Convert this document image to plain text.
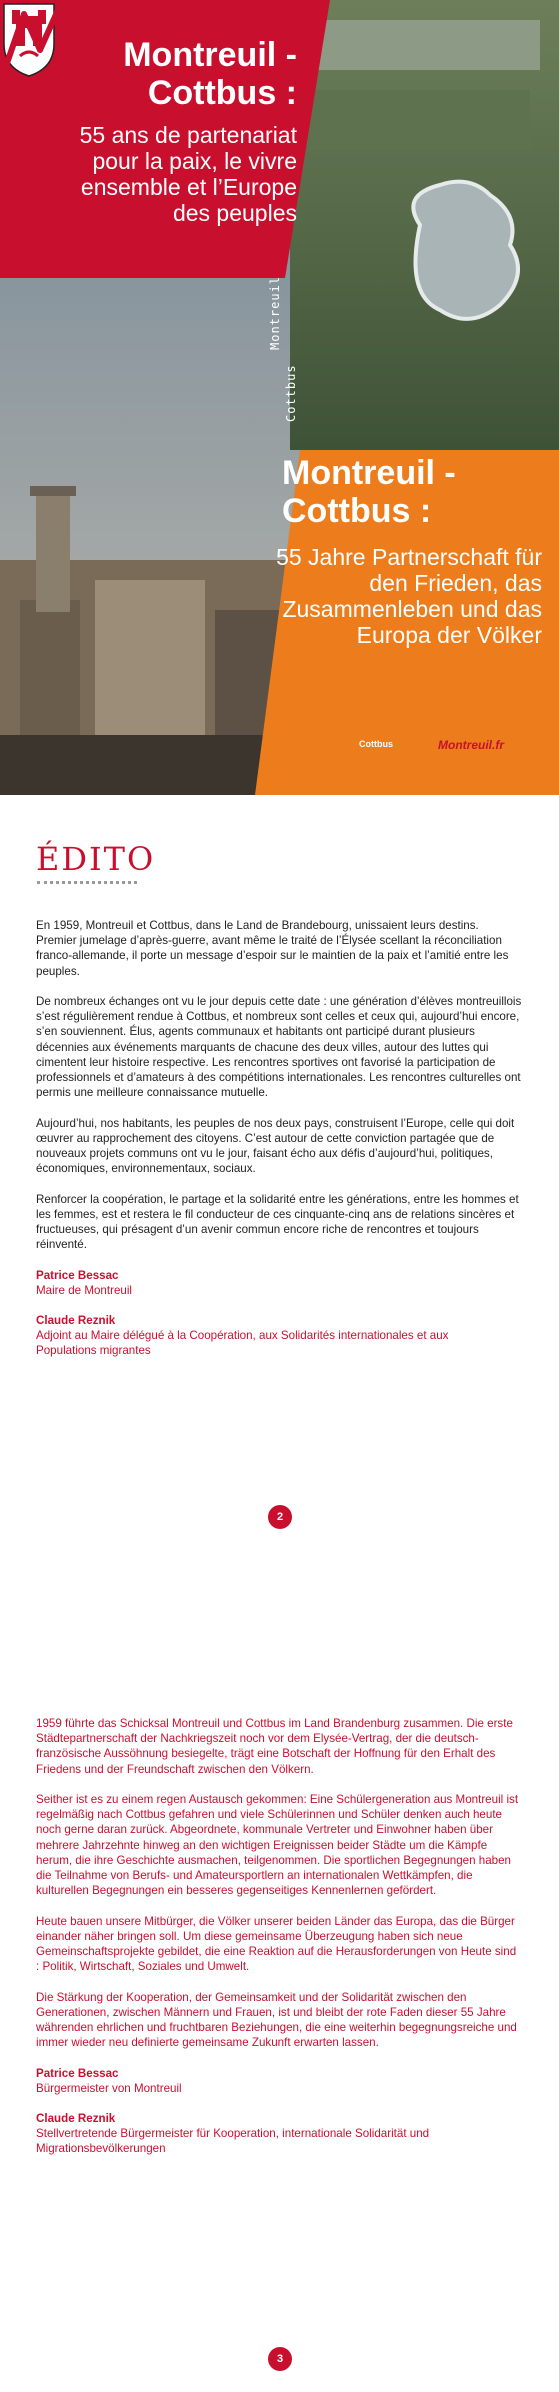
Montreuil - Cottbus :
55 ans de partenariat pour la paix, le vivre ensemble et l’Europe des peuples
Montreuil
Cottbus
Montreuil - Cottbus :
55 Jahre Partnerschaft für den Frieden, das Zusammenleben und das Europa der Völker
Cottbus	Montreuil.fr
ÉDITO

En 1959, Montreuil et Cottbus, dans le Land de Brandebourg, unissaient leurs destins. Premier jumelage d’après-guerre, avant même le traité de l’Élysée scellant la réconciliation franco-allemande, il porte un message d’espoir sur le maintien de la paix et l’amitié entre les peuples.

De nombreux échanges ont vu le jour depuis cette date : une génération d’élèves montreuillois s’est régulièrement rendue à Cottbus, et nombreux sont celles et ceux qui, aujourd’hui encore, s’en souviennent. Élus, agents communaux et habitants ont participé durant plusieurs décennies aux événements marquants de chacune des deux villes, autour des luttes qui cimentent leur histoire respective. Les rencontres sportives ont favorisé la participation de professionnels et d’amateurs à des compétitions internationales. Les rencontres culturelles ont permis une meilleure connaissance mutuelle.

Aujourd’hui, nos habitants, les peuples de nos deux pays, construisent l’Europe, celle qui doit œuvrer au rapprochement des citoyens. C’est autour de cette conviction partagée que de nouveaux projets communs ont vu le jour, faisant écho aux défis d’aujourd’hui, politiques, économiques, environnementaux, sociaux.

Renforcer la coopération, le partage et la solidarité entre les générations, entre les hommes et les femmes, est et restera le fil conducteur de ces cinquante-cinq ans de relations sincères et fructueuses, qui présagent d’un avenir commun encore riche de rencontres et toujours réinventé.

Patrice Bessac
Maire de Montreuil
Claude Reznik
Adjoint au Maire délégué à la Coopération, aux Solidarités internationales et aux Populations migrantes
2

1959 führte das Schicksal Montreuil und Cottbus im Land Brandenburg zusammen. Die erste Städtepartnerschaft der Nachkriegszeit noch vor dem Elysée-Vertrag, der die deutsch-französische Aussöhnung besiegelte, trägt eine Botschaft der Hoffnung für den Erhalt des Friedens und der Freundschaft zwischen den Völkern.

Seither ist es zu einem regen Austausch gekommen: Eine Schülergeneration aus Montreuil ist regelmäßig nach Cottbus gefahren und viele Schülerinnen und Schüler denken auch heute noch gerne daran zurück. Abgeordnete, kommunale Vertreter und Einwohner haben über mehrere Jahrzehnte hinweg an den wichtigen Ereignissen beider Städte um die Kämpfe herum, die ihre Geschichte ausmachen, teilgenommen. Die sportlichen Begegnungen haben die Teilnahme von Berufs- und Amateursportlern an internationalen Wettkämpfen, die kulturellen Begegnungen ein besseres gegenseitiges Kennenlernen gefördert.

Heute bauen unsere Mitbürger, die Völker unserer beiden Länder das Europa, das die Bürger einander näher bringen soll. Um diese gemeinsame Überzeugung haben sich neue Gemeinschaftsprojekte gebildet, die eine Reaktion auf die Herausforderungen von Heute sind : Politik, Wirtschaft, Soziales und Umwelt.

Die Stärkung der Kooperation, der Gemeinsamkeit und der Solidarität zwischen den Generationen, zwischen Männern und Frauen, ist und bleibt der rote Faden dieser 55 Jahre währenden ehrlichen und fruchtbaren Beziehungen, die eine weiterhin begegnungsreiche und immer wieder neu definierte gemeinsame Zukunft erwarten lassen.

Patrice Bessac
Bürgermeister von Montreuil
Claude Reznik
Stellvertretende Bürgermeister für Kooperation, internationale Solidarität und Migrationsbevölkerungen
3
